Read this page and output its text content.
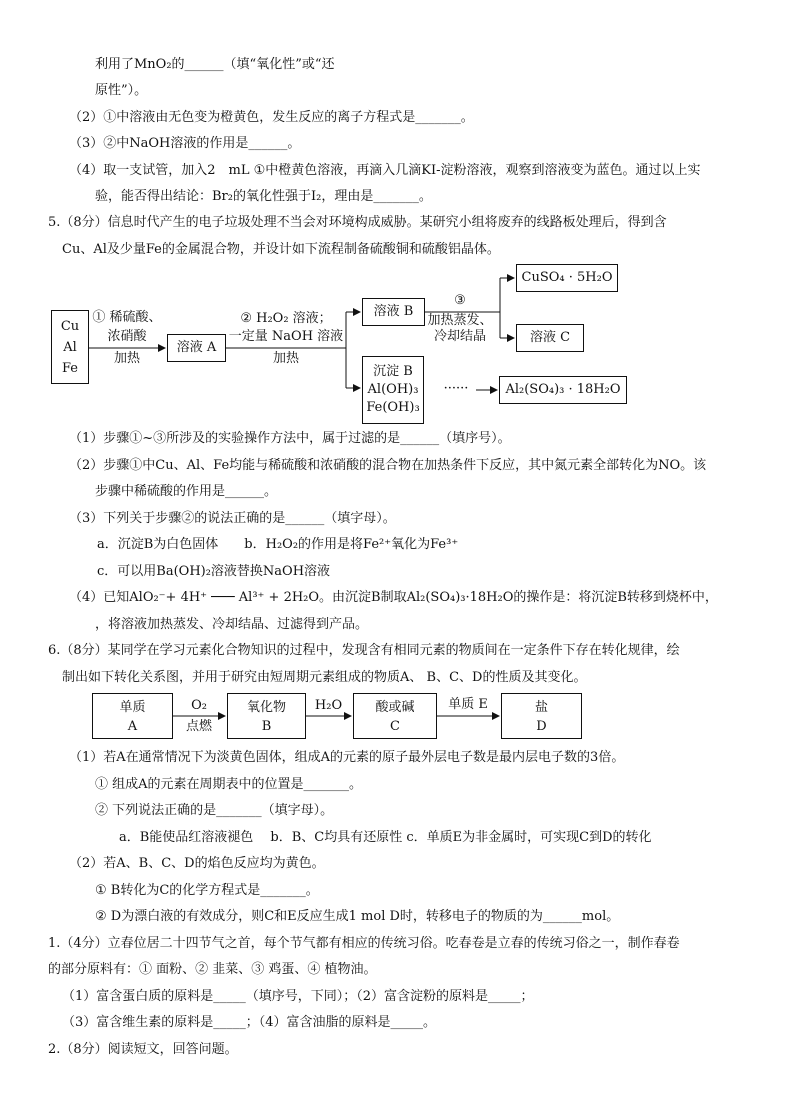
利用了MnO₂的______（填“氧化性”或“还
原性”）。
（2）①中溶液由无色变为橙黄色，发生反应的离子方程式是_______。
（3）②中NaOH溶液的作用是______。
（4）取一支试管，加入2　mL ①中橙黄色溶液，再滴入几滴KI-淀粉溶液，观察到溶液变为蓝色。通过以上实
验，能否得出结论：Br₂的氧化性强于I₂，理由是_______。
5.（8分）信息时代产生的电子垃圾处理不当会对环境构成威胁。某研究小组将废弃的线路板处理后，得到含
Cu、Al及少量Fe的金属混合物，并设计如下流程制备硫酸铜和硫酸铝晶体。
Cu
Al
Fe
① 稀硫酸、
浓硝酸
加热
溶液 A
② H₂O₂ 溶液；
一定量 NaOH 溶液
加热
溶液 B
③
加热蒸发、
冷却结晶
CuSO₄ · 5H₂O
溶液 C
沉淀 B
Al(OH)₃
Fe(OH)₃
······	Al₂(SO₄)₃ · 18H₂O
（1）步骤①~③所涉及的实验操作方法中，属于过滤的是______（填序号）。
（2）步骤①中Cu、Al、Fe均能与稀硫酸和浓硝酸的混合物在加热条件下反应，其中氮元素全部转化为NO。该
步骤中稀硫酸的作用是______。
（3）下列关于步骤②的说法正确的是______（填字母）。
a．沉淀B为白色固体　　b．H₂O₂的作用是将Fe²⁺氧化为Fe³⁺
c．可以用Ba(OH)₂溶液替换NaOH溶液
（4）已知AlO₂⁻+ 4H⁺ ─── Al³⁺ + 2H₂O。由沉淀B制取Al₂(SO₄)₃·18H₂O的操作是：将沉淀B转移到烧杯中，
，将溶液加热蒸发、冷却结晶、过滤得到产品。
6.（8分）某同学在学习元素化合物知识的过程中，发现含有相同元素的物质间在一定条件下存在转化规律，绘
制出如下转化关系图，并用于研究由短周期元素组成的物质A、 B、C、D的性质及其变化。
单质
A
O₂
点燃
氧化物
B
H₂O	酸或碱
C
单质 E	盐
D
（1）若A在通常情况下为淡黄色固体，组成A的元素的原子最外层电子数是最内层电子数的3倍。
① 组成A的元素在周期表中的位置是_______。
② 下列说法正确的是_______（填字母）。
a．B能使品红溶液褪色　 b．B、C均具有还原性 c．单质E为非金属时，可实现C到D的转化
（2）若A、B、C、D的焰色反应均为黄色。
① B转化为C的化学方程式是_______。
② D为漂白液的有效成分，则C和E反应生成1 mol D时，转移电子的物质的为______mol。
1.（4分）立春位居二十四节气之首，每个节气都有相应的传统习俗。吃春卷是立春的传统习俗之一，制作春卷
的部分原料有：① 面粉、② 韭菜、③ 鸡蛋、④ 植物油。
（1）富含蛋白质的原料是_____（填序号，下同）；（2）富含淀粉的原料是_____；
（3）富含维生素的原料是_____；（4）富含油脂的原料是_____。
2.（8分）阅读短文，回答问题。
